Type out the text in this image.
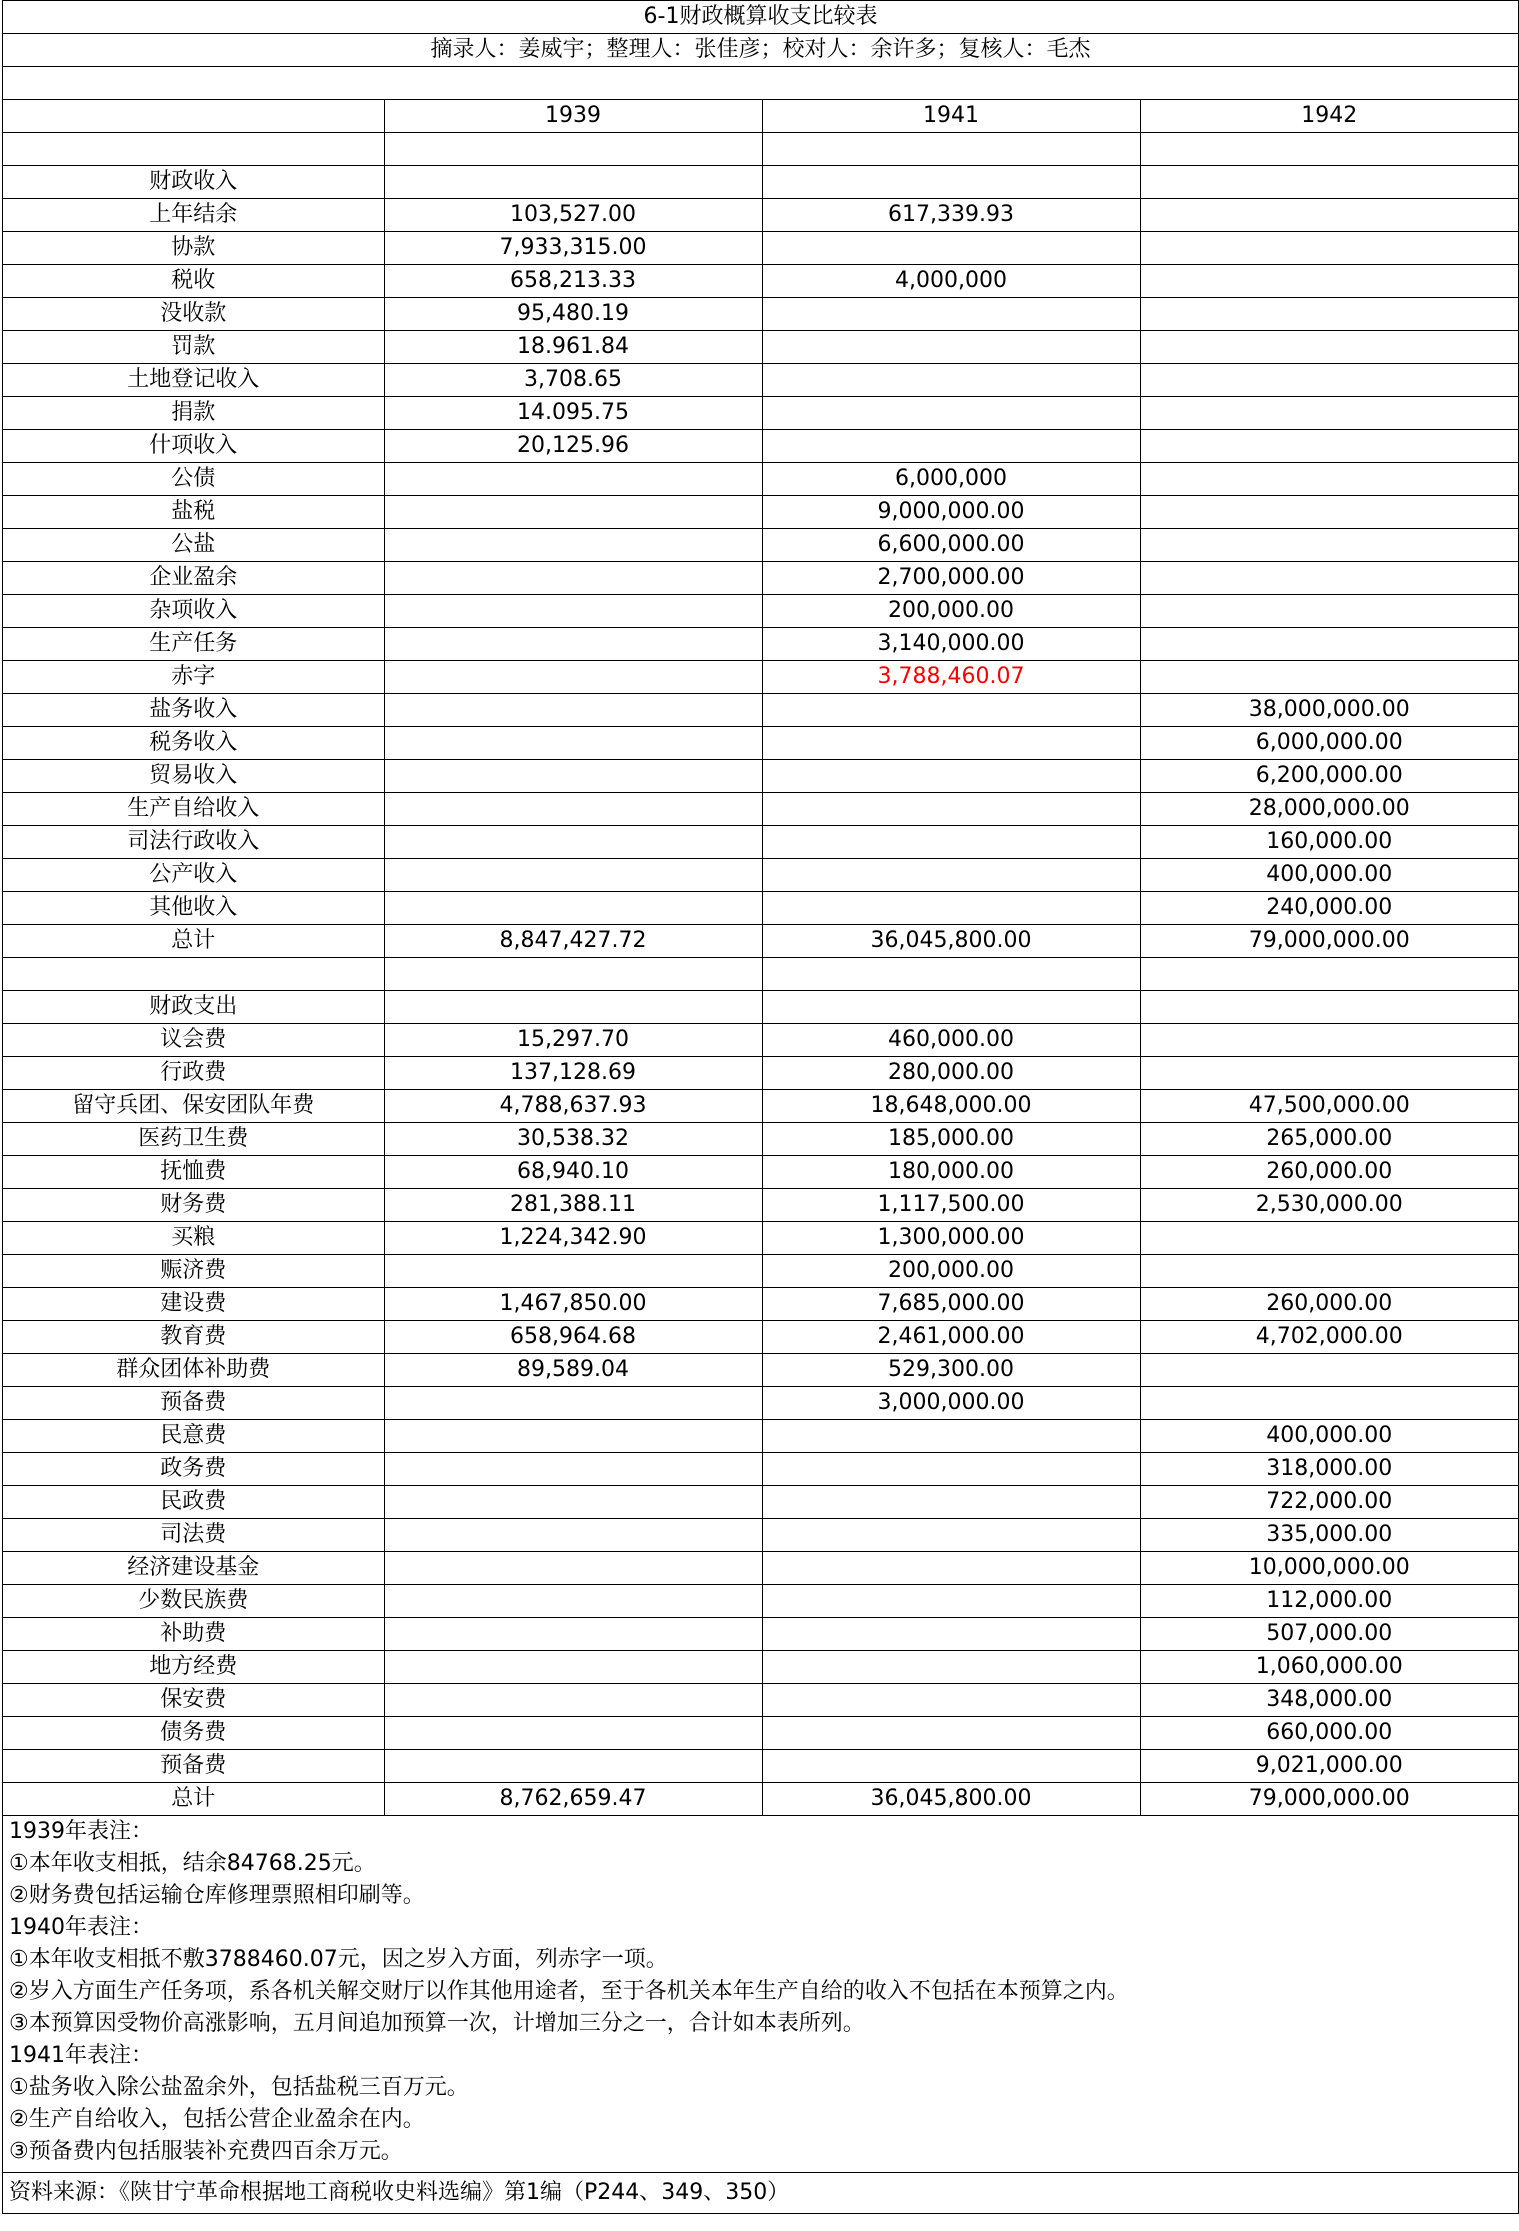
6-1财政概算收支比较表
摘录人：姜威宇；整理人：张佳彦；校对人：余许多；复核人：毛杰
	1939	1941	1942

财政收入			
上年结余	103,527.00	617,339.93	
协款	7,933,315.00		
税收	658,213.33	4,000,000	
没收款	95,480.19		
罚款	18.961.84		
土地登记收入	3,708.65		
捐款	14.095.75		
什项收入	20,125.96		
公债		6,000,000	
盐税		9,000,000.00	
公盐		6,600,000.00	
企业盈余		2,700,000.00	
杂项收入		200,000.00	
生产任务		3,140,000.00	
赤字		3,788,460.07	
盐务收入			38,000,000.00
税务收入			6,000,000.00
贸易收入			6,200,000.00
生产自给收入			28,000,000.00
司法行政收入			160,000.00
公产收入			400,000.00
其他收入			240,000.00
总计	8,847,427.72	36,045,800.00	79,000,000.00

财政支出			
议会费	15,297.70	460,000.00	
行政费	137,128.69	280,000.00	
留守兵团、保安团队年费	4,788,637.93	18,648,000.00	47,500,000.00
医药卫生费	30,538.32	185,000.00	265,000.00
抚恤费	68,940.10	180,000.00	260,000.00
财务费	281,388.11	1,117,500.00	2,530,000.00
买粮	1,224,342.90	1,300,000.00	
赈济费		200,000.00	
建设费	1,467,850.00	7,685,000.00	260,000.00
教育费	658,964.68	2,461,000.00	4,702,000.00
群众团体补助费	89,589.04	529,300.00	
预备费		3,000,000.00	
民意费			400,000.00
政务费			318,000.00
民政费			722,000.00
司法费			335,000.00
经济建设基金			10,000,000.00
少数民族费			112,000.00
补助费			507,000.00
地方经费			1,060,000.00
保安费			348,000.00
债务费			660,000.00
预备费			9,021,000.00
总计	8,762,659.47	36,045,800.00	79,000,000.00
1939年表注：
①本年收支相抵，结余84768.25元。
②财务费包括运输仓库修理票照相印刷等。
1940年表注：
①本年收支相抵不敷3788460.07元，因之岁入方面，列赤字一项。
②岁入方面生产任务项，系各机关解交财厅以作其他用途者，至于各机关本年生产自给的收入不包括在本预算之内。
③本预算因受物价高涨影响，五月间追加预算一次，计增加三分之一，合计如本表所列。
1941年表注：
①盐务收入除公盐盈余外，包括盐税三百万元。
②生产自给收入，包括公营企业盈余在内。
③预备费内包括服装补充费四百余万元。
资料来源：《陕甘宁革命根据地工商税收史料选编》第1编（P244、349、350）
